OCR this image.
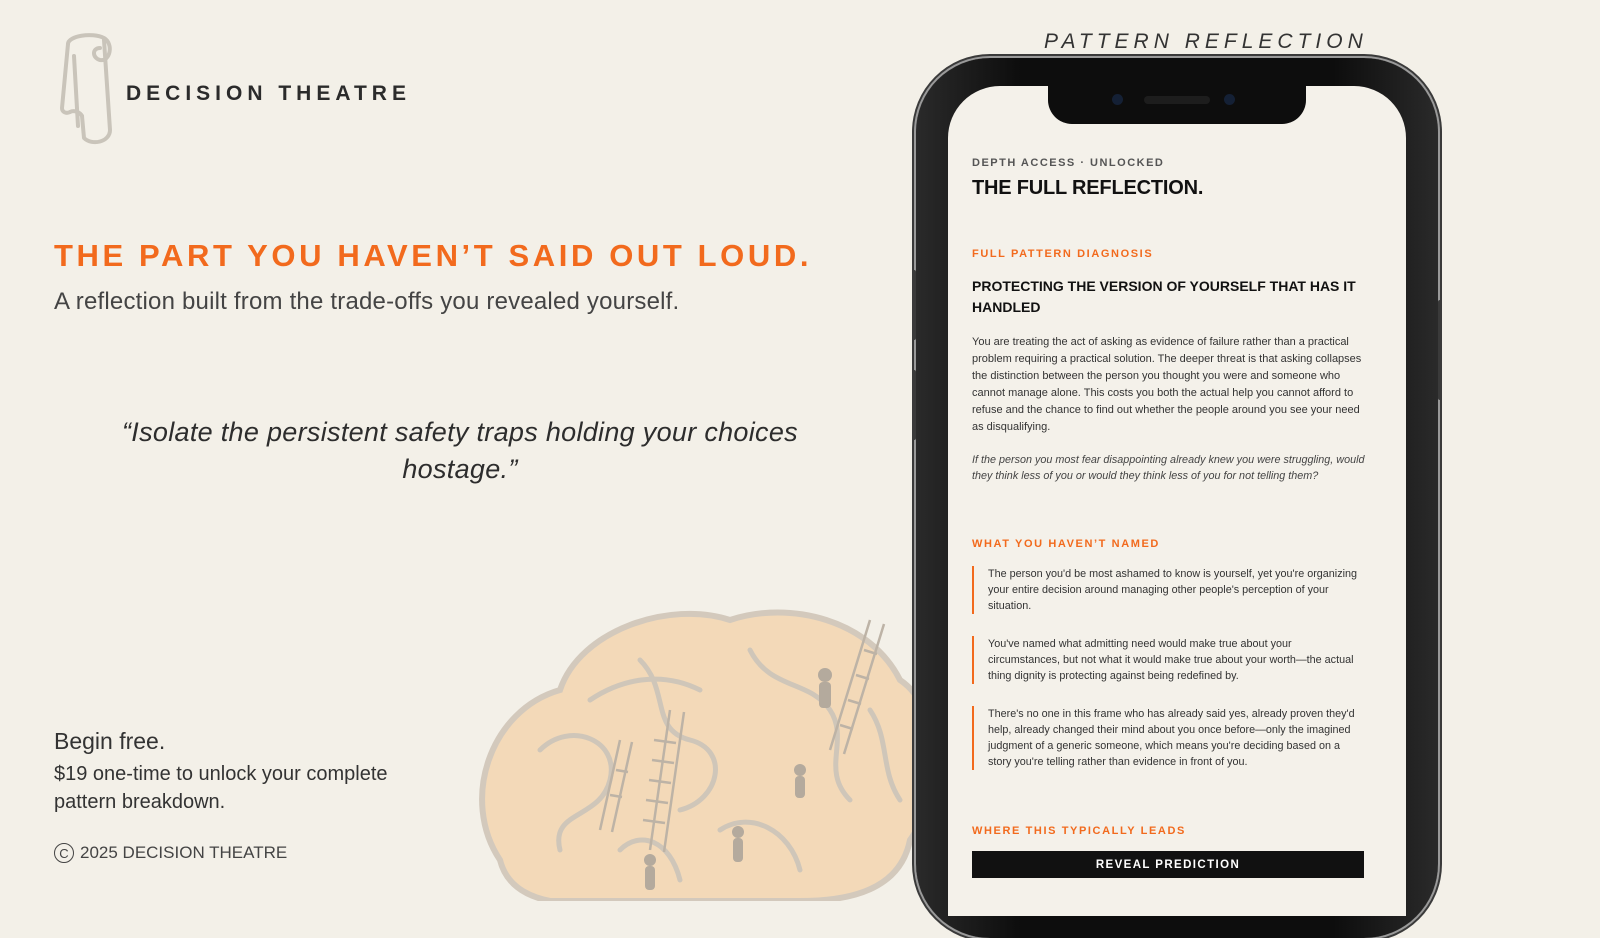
DECISION THEATRE
THE PART YOU HAVEN’T SAID OUT LOUD.
A reflection built from the trade-offs you revealed yourself.
“Isolate the persistent safety traps holding your choices hostage.”
Begin free.
$19 one-time to unlock your complete pattern breakdown.
C 2025 DECISION THEATRE
PATTERN REFLECTION
DEPTH ACCESS · UNLOCKED
THE FULL REFLECTION.
FULL PATTERN DIAGNOSIS
PROTECTING THE VERSION OF YOURSELF THAT HAS IT HANDLED
You are treating the act of asking as evidence of failure rather than a practical problem requiring a practical solution. The deeper threat is that asking collapses the distinction between the person you thought you were and someone who cannot manage alone. This costs you both the actual help you cannot afford to refuse and the chance to find out whether the people around you see your need as disqualifying.
If the person you most fear disappointing already knew you were struggling, would they think less of you or would they think less of you for not telling them?
WHAT YOU HAVEN’T NAMED
The person you'd be most ashamed to know is yourself, yet you're organizing your entire decision around managing other people's perception of your situation.
You've named what admitting need would make true about your circumstances, but not what it would make true about your worth—the actual thing dignity is protecting against being redefined by.
There's no one in this frame who has already said yes, already proven they'd help, already changed their mind about you once before—only the imagined judgment of a generic someone, which means you're deciding based on a story you're telling rather than evidence in front of you.
WHERE THIS TYPICALLY LEADS
REVEAL PREDICTION
